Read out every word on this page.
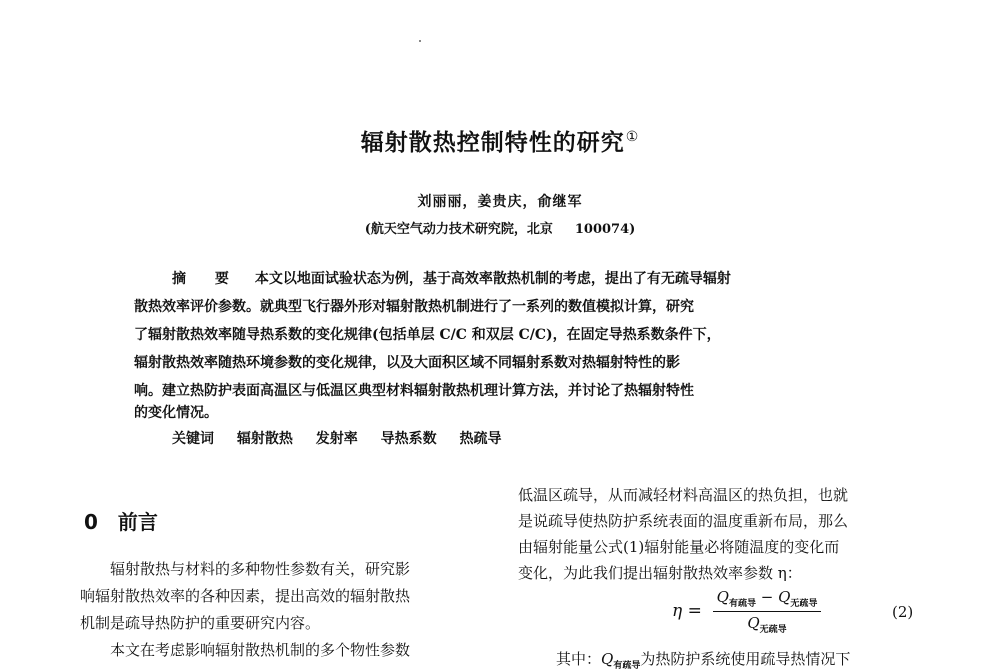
辐射散热控制特性的研究①
刘丽丽，姜贵庆，俞继军
(航天空气动力技术研究院，北京 100074)
摘 要 本文以地面试验状态为例，基于高效率散热机制的考虑，提出了有无疏导辐射
散热效率评价参数。就典型飞行器外形对辐射散热机制进行了一系列的数值模拟计算，研究
了辐射散热效率随导热系数的变化规律(包括单层 C/C 和双层 C/C)，在固定导热系数条件下，
辐射散热效率随热环境参数的变化规律，以及大面积区域不同辐射系数对热辐射特性的影
响。建立热防护表面高温区与低温区典型材料辐射散热机理计算方法，并讨论了热辐射特性
的变化情况。
关键词 辐射散热 发射率 导热系数 热疏导
0 前言
辐射散热与材料的多种物性参数有关，研究影
响辐射散热效率的各种因素，提出高效的辐射散热
机制是疏导热防护的重要研究内容。
本文在考虑影响辐射散热机制的多个物性参数
低温区疏导，从而减轻材料高温区的热负担，也就
是说疏导使热防护系统表面的温度重新布局，那么
由辐射能量公式(1)辐射能量必将随温度的变化而
变化，为此我们提出辐射散热效率参数 η：
$\eta = \frac{Q_{有疏导} - Q_{无疏导}}{Q_{无疏导}}$	(2)
其中：$Q_{有疏导}$为热防护系统使用疏导热情况下
